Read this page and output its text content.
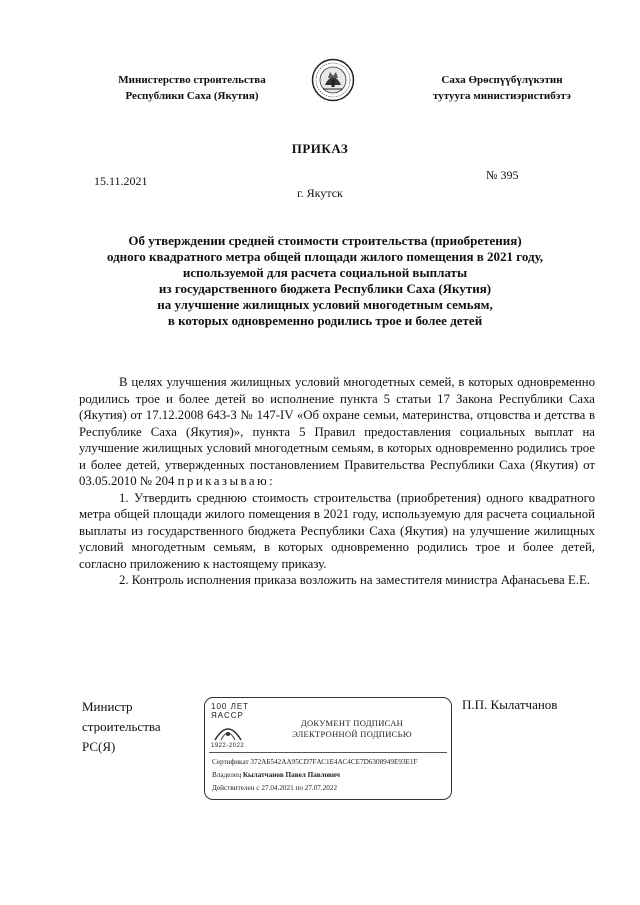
Министерство строительства
Республики Саха (Якутия)
Саха Өрөспүүбүлүкэтин
тутууга министиэристибэтэ
ПРИКАЗ
15.11.2021	№ 395
г. Якутск
Об утверждении средней стоимости строительства (приобретения)
одного квадратного метра общей площади жилого помещения в 2021 году,
используемой для расчета социальной выплаты
из государственного бюджета Республики Саха (Якутия)
на улучшение жилищных условий многодетным семьям,
в которых одновременно родились трое и более детей

В целях улучшения жилищных условий многодетных семей, в которых одновременно родились трое и более детей во исполнение пункта 5 статьи 17 Закона Республики Саха (Якутия) от 17.12.2008 643-З № 147-IV «Об охране семьи, материнства, отцовства и детства в Республике Саха (Якутия)», пункта 5 Правил предоставления социальных выплат на улучшение жилищных условий многодетным семьям, в которых одновременно родились трое и более детей, утвержденных постановлением Правительства Республики Саха (Якутия) от 03.05.2010 № 204 приказываю:

1. Утвердить среднюю стоимость строительства (приобретения) одного квадратного метра общей площади жилого помещения в 2021 году, используемую для расчета социальной выплаты из государственного бюджета Республики Саха (Якутия) на улучшение жилищных условий многодетным семьям, в которых одновременно родились трое и более детей, согласно приложению к настоящему приказу.

2. Контроль исполнения приказа возложить на заместителя министра Афанасьева Е.Е.

Министр
строительства
РС(Я)
100 ЛЕТ
ЯАССР
1922-2022
ДОКУМЕНТ ПОДПИСАН
ЭЛЕКТРОННОЙ ПОДПИСЬЮ
Сертификат 372АБ542АА95СD7FАС1Е4АС4СЕ7D6308949Е93Е1F
Владелец Кылатчанов Павел Павлович
Действителен с 27.04.2021 по 27.07.2022
П.П. Кылатчанов
